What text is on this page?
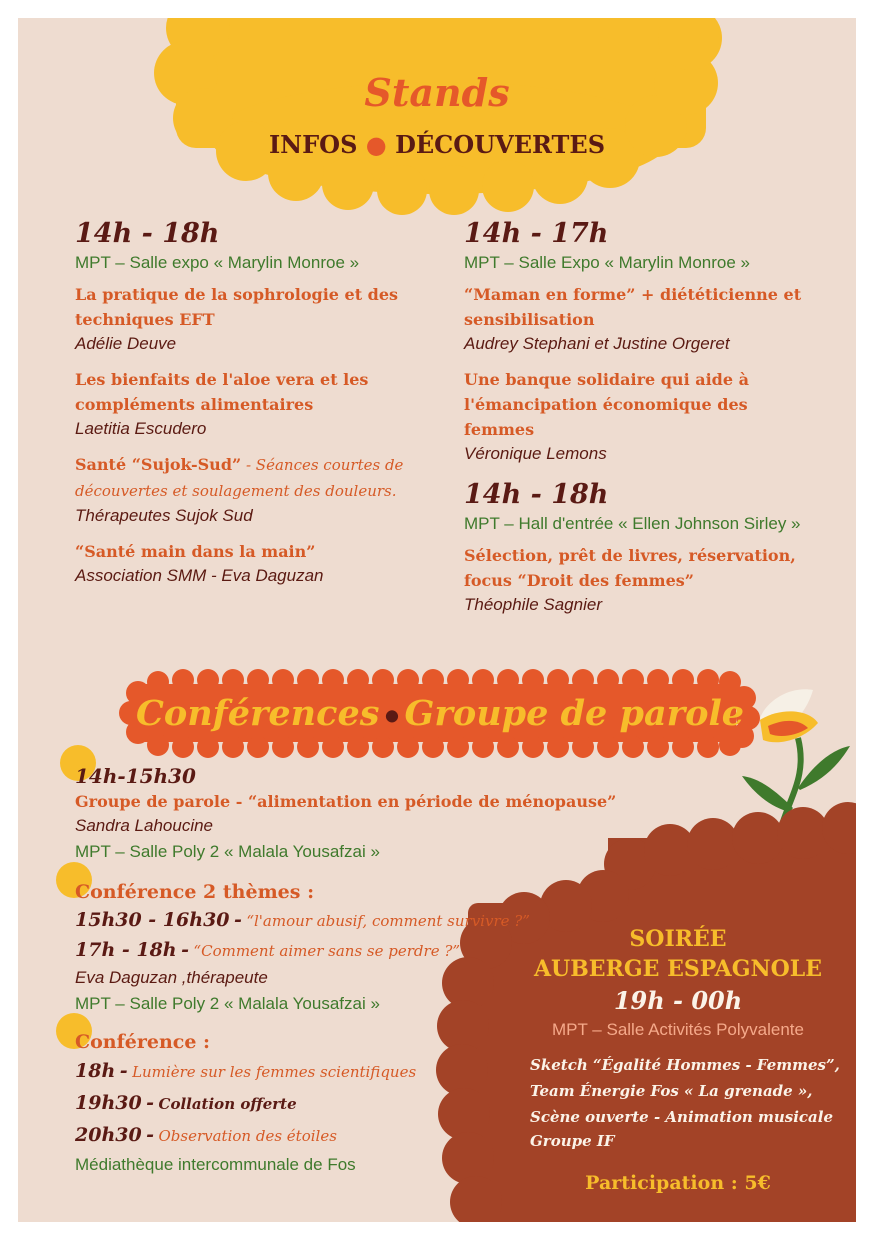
Stands
INFOS ● DÉCOUVERTES
14h - 18h
MPT – Salle expo « Marylin Monroe »
La pratique de la sophrologie et des techniques EFT
Adélie Deuve
Les bienfaits de l'aloe vera et les compléments alimentaires
Laetitia Escudero
Santé “Sujok-Sud” - Séances courtes de découvertes et soulagement des douleurs.
Thérapeutes Sujok Sud
“Santé main dans la main”
Association SMM - Eva Daguzan
14h - 17h
MPT – Salle Expo « Marylin Monroe »
“Maman en forme” + diététicienne et sensibilisation
Audrey Stephani et Justine Orgeret
Une banque solidaire qui aide à l'émancipation économique des femmes
Véronique Lemons
14h - 18h
MPT – Hall d'entrée « Ellen Johnson Sirley »
Sélection, prêt de livres, réservation, focus “Droit des femmes”
Théophile Sagnier
Conférences ● Groupe de parole
14h-15h30
Groupe de parole - “alimentation en période de ménopause”
Sandra Lahoucine
MPT – Salle Poly 2 « Malala Yousafzai »
Conférence 2 thèmes :
15h30 - 16h30 - “l'amour abusif, comment survivre ?”
17h - 18h - “Comment aimer sans se perdre ?”
Eva Daguzan ,thérapeute
MPT – Salle Poly 2 « Malala Yousafzai »
Conférence :
18h - Lumière sur les femmes scientifiques
19h30 - Collation offerte
20h30 - Observation des étoiles
Médiathèque intercommunale de Fos
SOIRÉE
AUBERGE ESPAGNOLE
19h - 00h
MPT – Salle Activités Polyvalente
Sketch “Égalité Hommes - Femmes”,
Team Énergie Fos « La grenade »,
Scène ouverte - Animation musicale
Groupe IF
Participation : 5€
